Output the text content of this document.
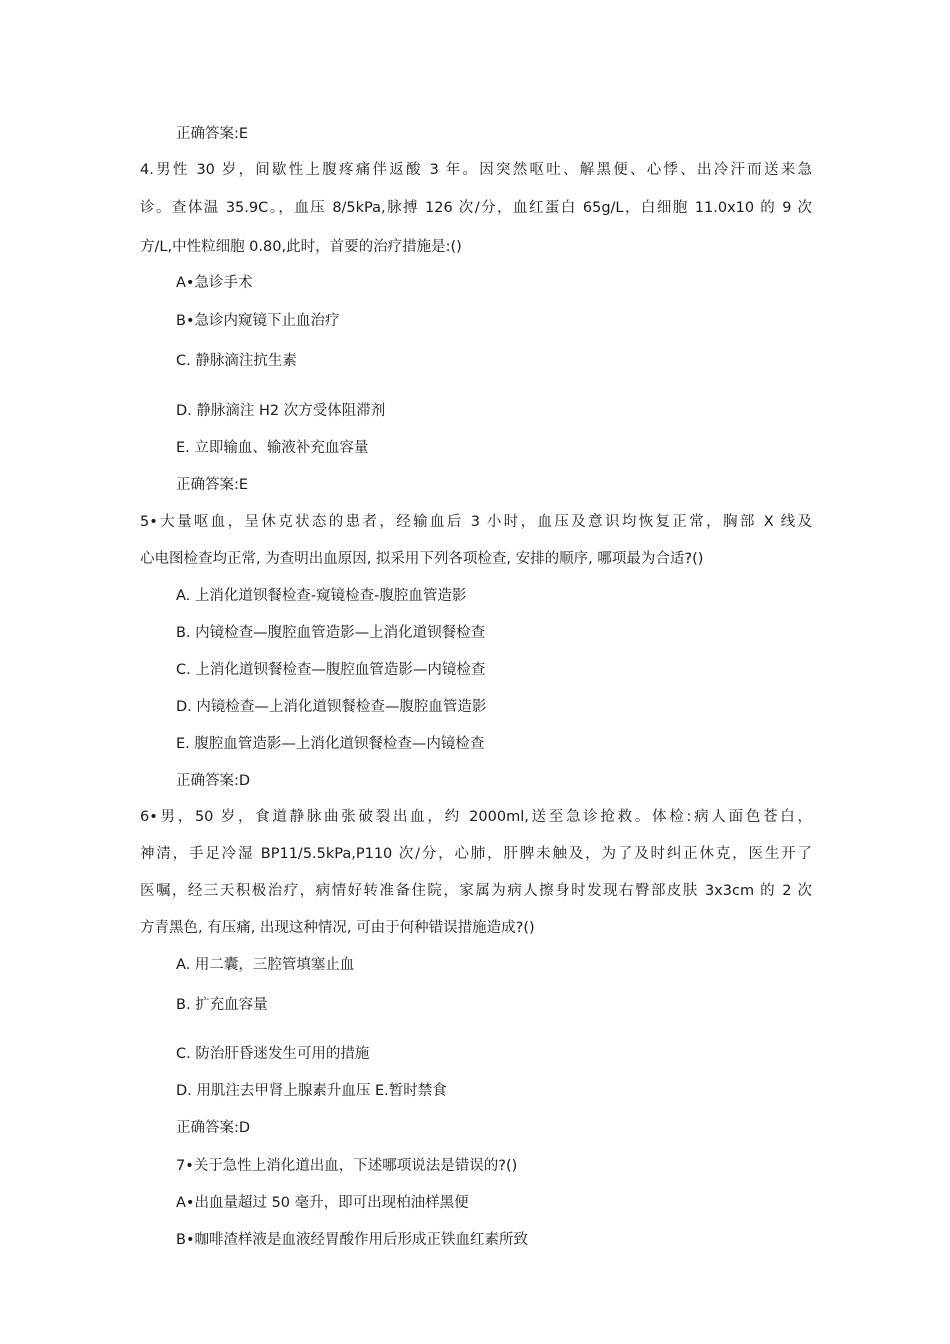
正确答案:E
4.男性 30 岁，间歇性上腹疼痛伴返酸 3 年。因突然呕吐、解黑便、心悸、出冷汗而送来急
诊。查体温 35.9C。，血压 8/5kPa,脉搏 126 次/分，血红蛋白 65g/L，白细胞 11.0x10 的 9 次
方/L,中性粒细胞 0.80,此时，首要的治疗措施是:()
A•急诊手术
B•急诊内窥镜下止血治疗
C. 静脉滴注抗生素
D. 静脉滴注 H2 次方受体阻滞剂
E. 立即输血、输液补充血容量
正确答案:E
5•大量呕血，呈休克状态的患者，经输血后 3 小时，血压及意识均恢复正常，胸部 X 线及
心电图检查均正常, 为查明出血原因, 拟采用下列各项检查, 安排的顺序, 哪项最为合适?()
A. 上消化道钡餐检查-窥镜检查-腹腔血管造影
B. 内镜检查—腹腔血管造影—上消化道钡餐检查
C. 上消化道钡餐检查—腹腔血管造影—内镜检查
D. 内镜检查—上消化道钡餐检查—腹腔血管造影
E. 腹腔血管造影—上消化道钡餐检查—内镜检查
正确答案:D
6•男，50 岁，食道静脉曲张破裂出血，约 2000ml,送至急诊抢救。体检:病人面色苍白，
神清，手足冷湿 BP11/5.5kPa,P110 次/分，心肺，肝脾未触及，为了及时纠正休克，医生开了
医嘱，经三天积极治疗，病情好转准备住院，家属为病人擦身时发现右臀部皮肤 3x3cm 的 2 次
方青黑色, 有压痛, 出现这种情况, 可由于何种错误措施造成?()
A. 用二囊，三腔管填塞止血
B. 扩充血容量
C. 防治肝昏迷发生可用的措施
D. 用肌注去甲肾上腺素升血压 E.暂时禁食
正确答案:D
7•关于急性上消化道出血，下述哪项说法是错误的?()
A•出血量超过 50 毫升，即可出现柏油样黑便
B•咖啡渣样液是血液经胃酸作用后形成正铁血红素所致
